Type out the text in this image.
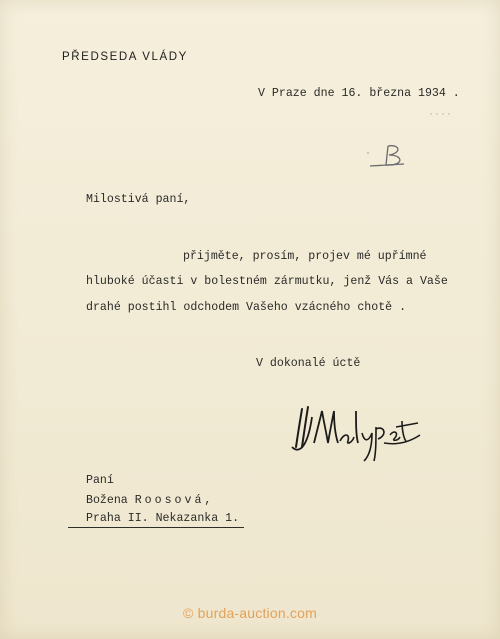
PŘEDSEDA VLÁDY
V Praze dne 16. března 1934 .
Milostivá paní,
přijměte, prosím, projev mé upřímné
hluboké účasti v bolestném zármutku, jenž Vás a Vaše
drahé postihl odchodem Vašeho vzácného chotě .
V dokonalé úctě
Paní
Božena Roosová,
Praha II. Nekazanka 1.
© burda-auction.com
